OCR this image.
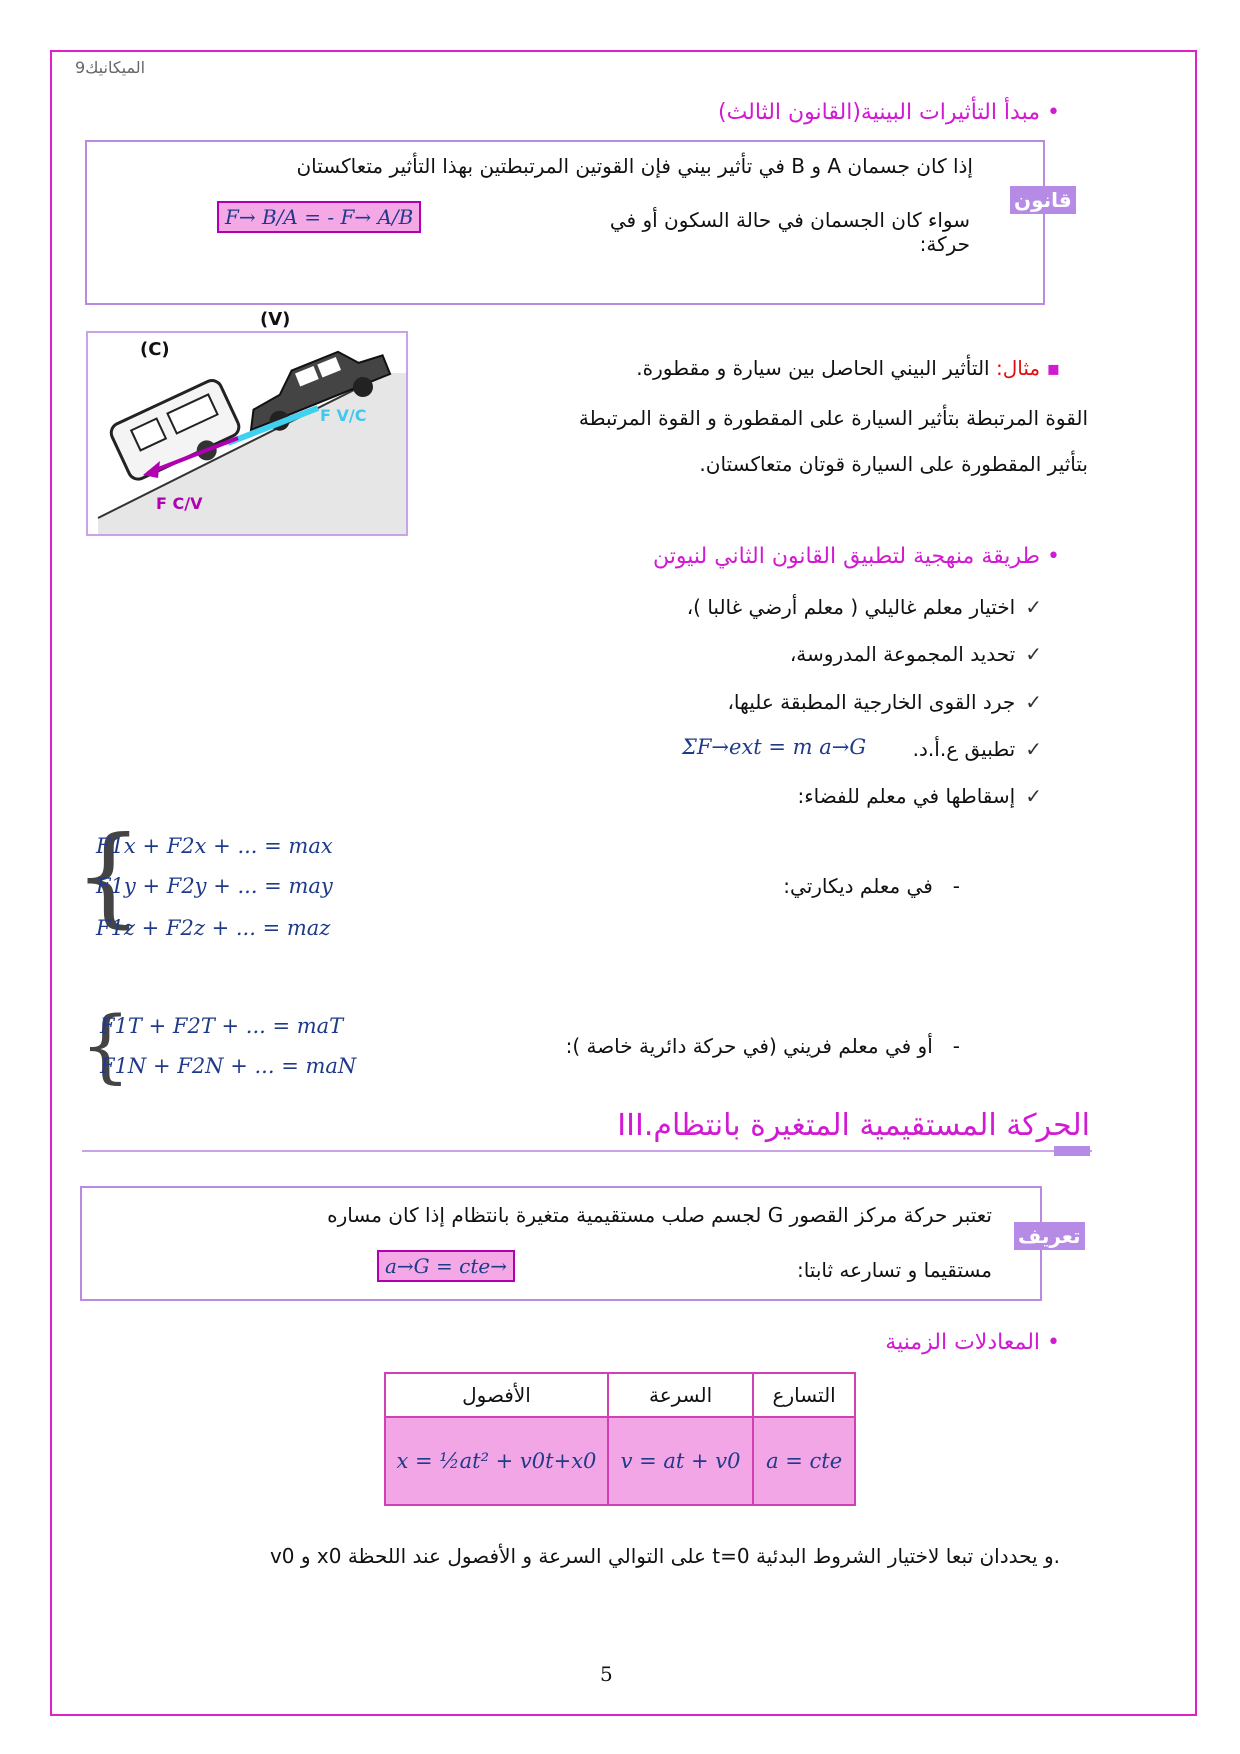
9الميكانيك
• مبدأ التأثيرات البينية(القانون الثالث)
قانون
إذا كان جسمان A و B في تأثير بيني فإن القوتين المرتبطتين بهذا التأثير متعاكستان
سواء كان الجسمان في حالة السكون أو في حركة:
F→ B/A = - F→ A/B
(C)
(V)
F V/C
F C/V
▪ مثال: التأثير البيني الحاصل بين سيارة و مقطورة.
القوة المرتبطة بتأثير السيارة على المقطورة و القوة المرتبطة
بتأثير المقطورة على السيارة قوتان متعاكستان.
• طريقة منهجية لتطبيق القانون الثاني لنيوتن
✓اختيار معلم غاليلي ( معلم أرضي غالبا )،
✓تحديد المجموعة المدروسة،
✓جرد القوى الخارجية المطبقة عليها،
✓تطبيق ع.أ.د.
ΣF→ext = m a→G
✓إسقاطها في معلم للفضاء:
{
F1x + F2x + ... = max
F1y + F2y + ... = may
F1z + F2z + ... = maz
-في معلم ديكارتي:
{
F1T + F2T + ... = maT
F1N + F2N + ... = maN
-أو في معلم فريني (في حركة دائرية خاصة ):
III.الحركة المستقيمية المتغيرة بانتظام
تعريف
تعتبر حركة مركز القصور G لجسم صلب مستقيمية متغيرة بانتظام إذا كان مساره
مستقيما و تسارعه ثابتا:
a→G = cte→
• المعادلات الزمنية
الأفصول	السرعة	التسارع
x = ½at² + v0t+x0	v = at + v0	a = cte
v0 و x0 على التوالي السرعة و الأفصول عند اللحظة t=0 و يحددان تبعا لاختيار الشروط البدئية.
5
